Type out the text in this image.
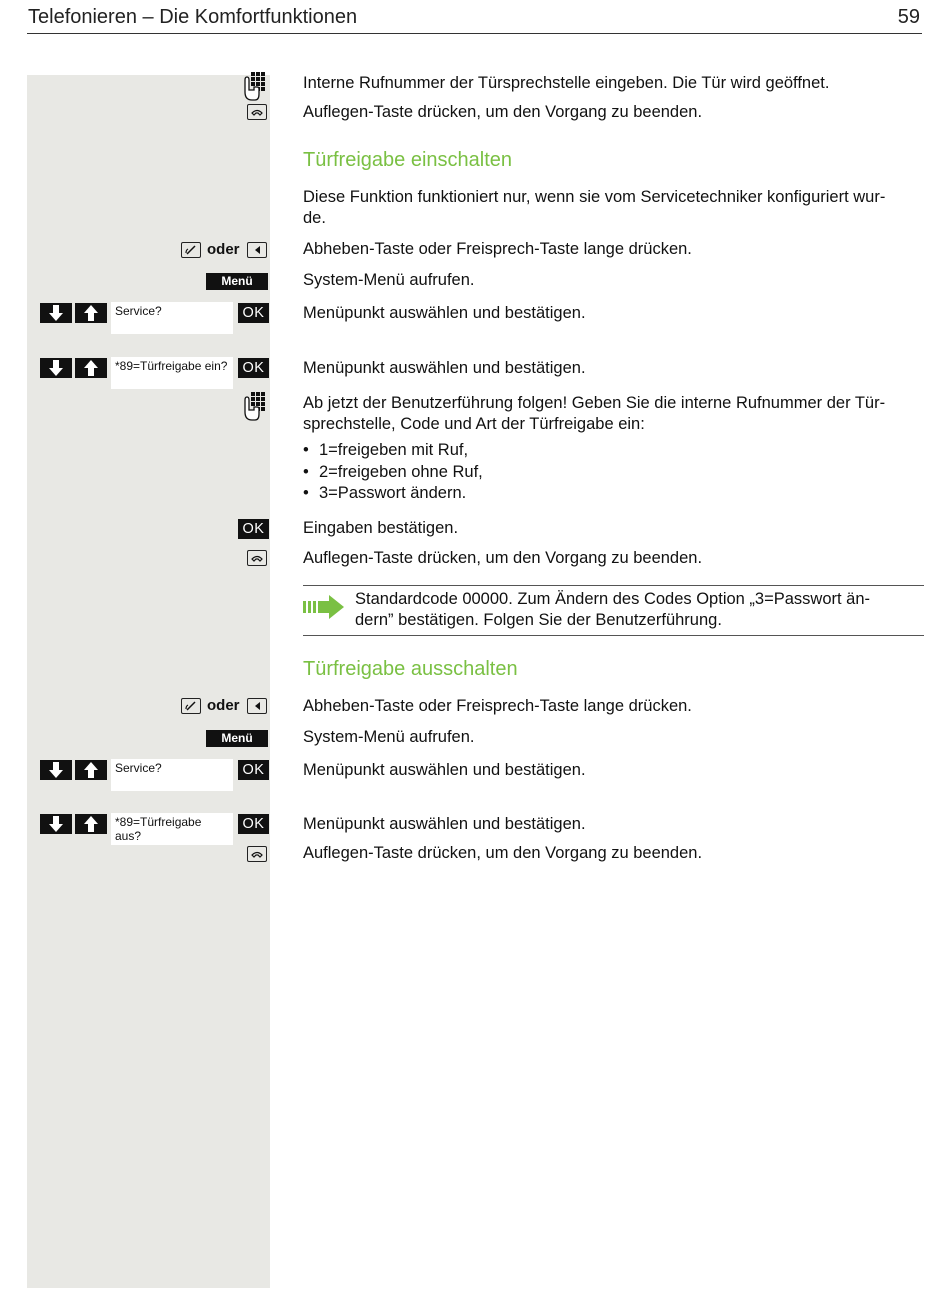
Telefonieren – Die Komfortfunktionen	59
Interne Rufnummer der Türsprechstelle eingeben. Die Tür wird geöffnet.
Auflegen-Taste drücken, um den Vorgang zu beenden.
Türfreigabe einschalten
Diese Funktion funktioniert nur, wenn sie vom Servicetechniker konfiguriert wur-
de.
oder	Abheben-Taste oder Freisprech-Taste lange drücken.
Menü	System-Menü aufrufen.
Service?	OK Menüpunkt auswählen und bestätigen.
*89=Türfreigabe ein?	OK Menüpunkt auswählen und bestätigen.
Ab jetzt der Benutzerführung folgen! Geben Sie die interne Rufnummer der Tür-
sprechstelle, Code und Art der Türfreigabe ein:
• 1=freigeben mit Ruf,
• 2=freigeben ohne Ruf,
• 3=Passwort ändern.
OK Eingaben bestätigen.
Auflegen-Taste drücken, um den Vorgang zu beenden.
Standardcode 00000. Zum Ändern des Codes Option „3=Passwort än-
dern” bestätigen. Folgen Sie der Benutzerführung.
Türfreigabe ausschalten
oder	Abheben-Taste oder Freisprech-Taste lange drücken.
Menü	System-Menü aufrufen.
Service?	OK Menüpunkt auswählen und bestätigen.
*89=Türfreigabe
aus?
OK Menüpunkt auswählen und bestätigen.
Auflegen-Taste drücken, um den Vorgang zu beenden.
